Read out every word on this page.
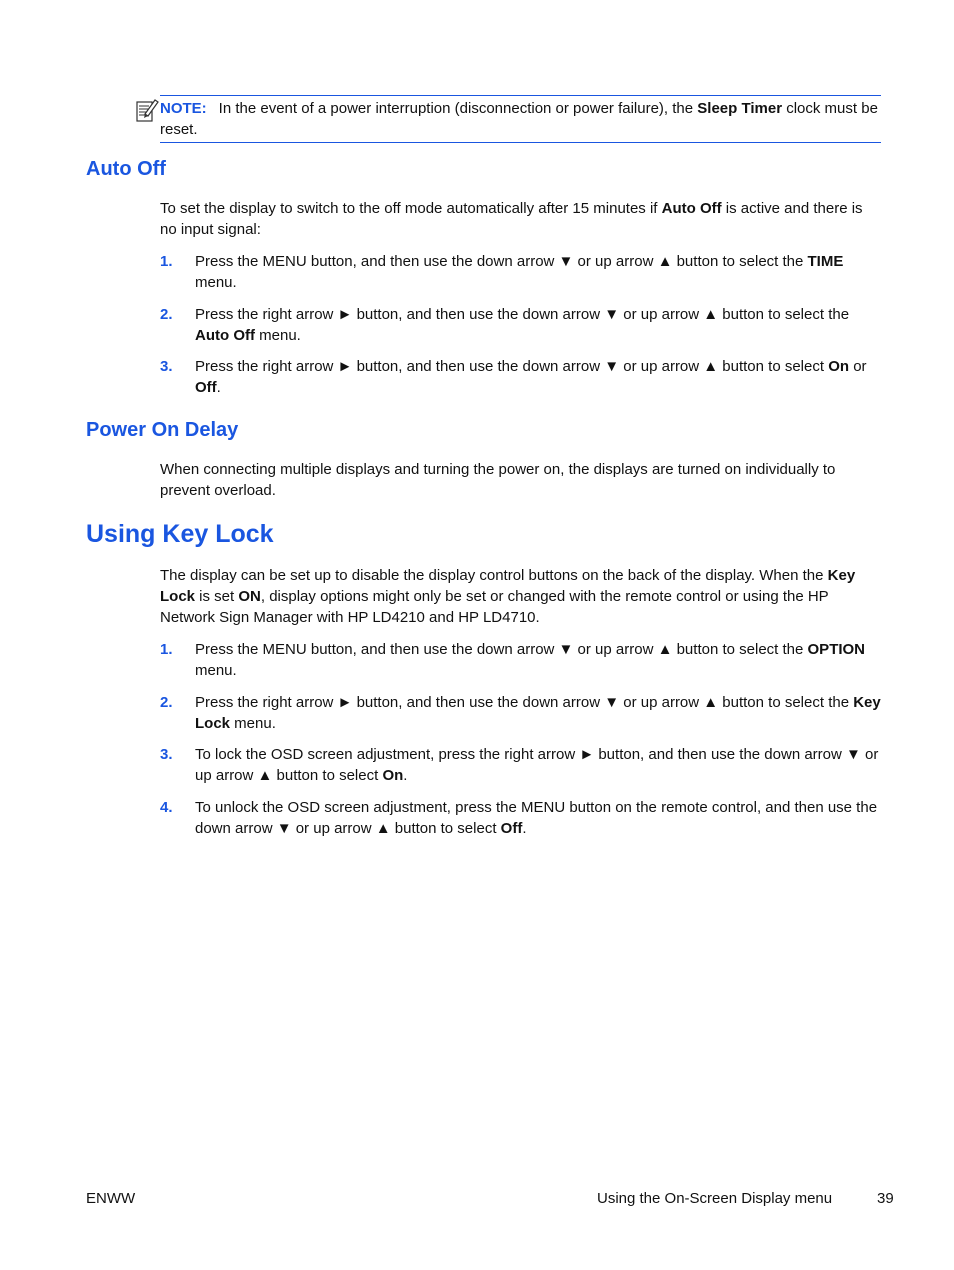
NOTE: In the event of a power interruption (disconnection or power failure), the Sleep Timer clock must be reset.
Auto Off

To set the display to switch to the off mode automatically after 15 minutes if Auto Off is active and there is no input signal:

1. Press the MENU button, and then use the down arrow ▼ or up arrow ▲ button to select the TIME menu.
2. Press the right arrow ► button, and then use the down arrow ▼ or up arrow ▲ button to select the Auto Off menu.
3. Press the right arrow ► button, and then use the down arrow ▼ or up arrow ▲ button to select On or Off.
Power On Delay

When connecting multiple displays and turning the power on, the displays are turned on individually to prevent overload.

Using Key Lock

The display can be set up to disable the display control buttons on the back of the display. When the Key Lock is set ON, display options might only be set or changed with the remote control or using the HP Network Sign Manager with HP LD4210 and HP LD4710.

1. Press the MENU button, and then use the down arrow ▼ or up arrow ▲ button to select the OPTION menu.
2. Press the right arrow ► button, and then use the down arrow ▼ or up arrow ▲ button to select the Key Lock menu.
3. To lock the OSD screen adjustment, press the right arrow ► button, and then use the down arrow ▼ or up arrow ▲ button to select On.
4. To unlock the OSD screen adjustment, press the MENU button on the remote control, and then use the down arrow ▼ or up arrow ▲ button to select Off.
ENWW	Using the On-Screen Display menu	39
